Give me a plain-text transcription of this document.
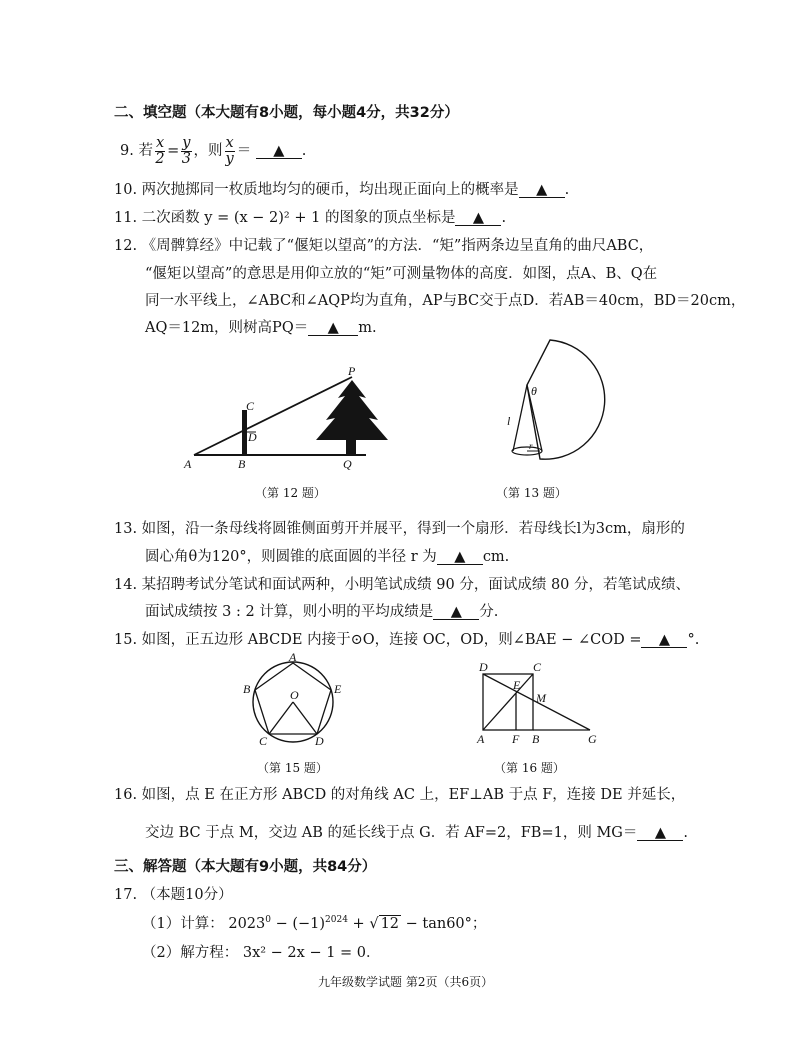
二、填空题（本大题有8小题，每小题4分，共32分）
9. 若 $\frac{x}{2} = \frac{y}{3}$ ，则 $\frac{x}{y}$ ＝ ▲ .
10. 两次抛掷同一枚质地均匀的硬币，均出现正面向上的概率是 ▲ .
11. 二次函数 y = (x − 2)² + 1 的图象的顶点坐标是 ▲ .
12. 《周髀算经》中记载了“偃矩以望高”的方法．“矩”指两条边呈直角的曲尺ABC，
“偃矩以望高”的意思是用仰立放的“矩”可测量物体的高度．如图，点A、B、Q在
同一水平线上，∠ABC和∠AQP均为直角，AP与BC交于点D．若AB＝40cm，BD＝20cm，
AQ＝12m，则树高PQ＝ ▲ m.
P
C
D
A	B	Q
（第 12 题）
θ
l
r
（第 13 题）
13. 如图，沿一条母线将圆锥侧面剪开并展平，得到一个扇形．若母线长l为3cm，扇形的
圆心角θ为120°，则圆锥的底面圆的半径 r 为 ▲ cm.
14. 某招聘考试分笔试和面试两种，小明笔试成绩 90 分，面试成绩 80 分，若笔试成绩、
面试成绩按 3 : 2 计算，则小明的平均成绩是 ▲ 分.
15. 如图，正五边形 ABCDE 内接于⊙O，连接 OC，OD，则∠BAE − ∠COD = ▲ °.
A
B	E
O
C	D
（第 15 题）
D	C
E
M
A F B	G
（第 16 题）
16. 如图，点 E 在正方形 ABCD 的对角线 AC 上，EF⊥AB 于点 F，连接 DE 并延长，
交边 BC 于点 M，交边 AB 的延长线于点 G．若 AF=2，FB=1，则 MG＝ ▲ .
三、解答题（本大题有9小题，共84分）
17. （本题10分）
（1）计算： $2023^0 - (-1)^{2024}$ + √ 12 − tan60°；
（2）解方程： 3x² − 2x − 1 = 0．
九年级数学试题 第2页（共6页）
